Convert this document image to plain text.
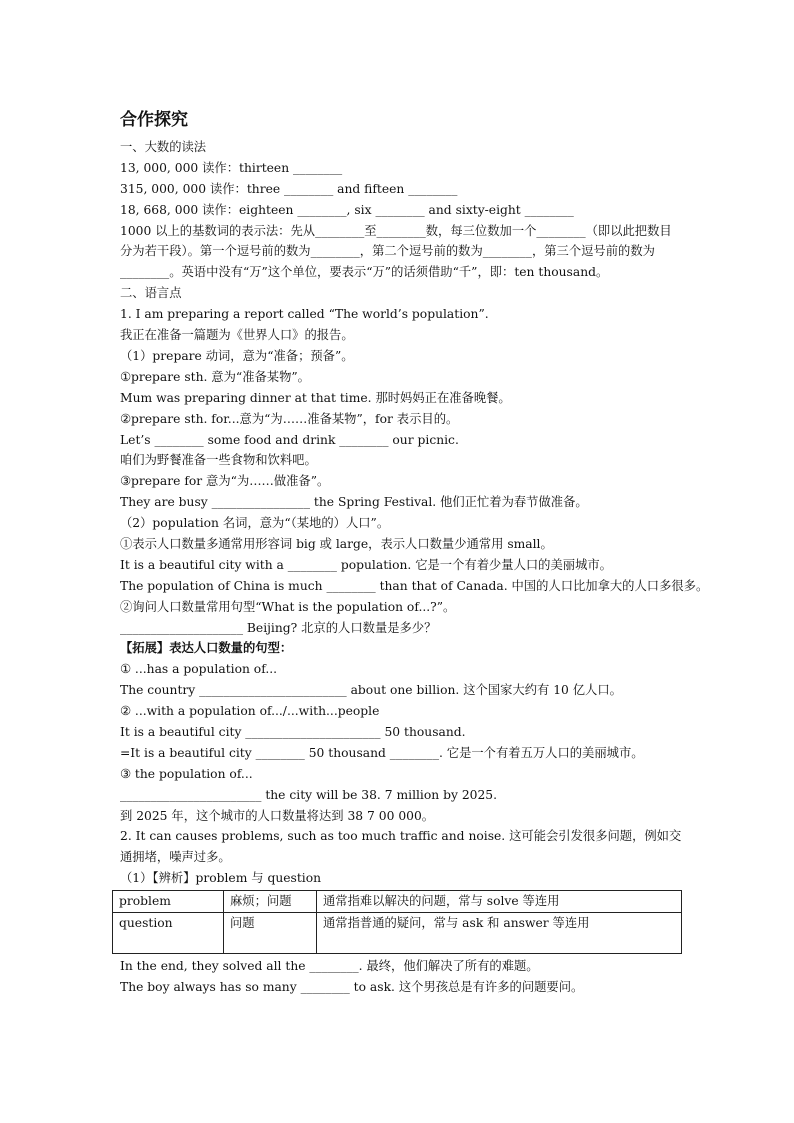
合作探究
一、大数的读法
13, 000, 000 读作：thirteen ________
315, 000, 000 读作：three ________ and fifteen ________
18, 668, 000 读作：eighteen ________, six ________ and sixty-eight ________
1000 以上的基数词的表示法：先从________至________数，每三位数加一个________（即以此把数目分为若干段）。第一个逗号前的数为________，第二个逗号前的数为________，第三个逗号前的数为________。英语中没有“万”这个单位，要表示“万”的话须借助“千”，即：ten thousand。
二、语言点
1. I am preparing a report called “The world’s population”.
我正在准备一篇题为《世界人口》的报告。
（1）prepare 动词，意为“准备；预备”。
①prepare sth. 意为“准备某物”。
Mum was preparing dinner at that time. 那时妈妈正在准备晚餐。
②prepare sth. for...意为“为……准备某物”，for 表示目的。
Let’s ________ some food and drink ________ our picnic.
咱们为野餐准备一些食物和饮料吧。
③prepare for 意为“为……做准备”。
They are busy ________________ the Spring Festival. 他们正忙着为春节做准备。
（2）population 名词，意为“（某地的）人口”。
①表示人口数量多通常用形容词 big 或 large，表示人口数量少通常用 small。
It is a beautiful city with a ________ population. 它是一个有着少量人口的美丽城市。
The population of China is much ________ than that of Canada. 中国的人口比加拿大的人口多很多。
②询问人口数量常用句型“What is the population of...?”。
____________________ Beijing? 北京的人口数量是多少？
【拓展】表达人口数量的句型：
① ...has a population of...
The country ________________________ about one billion. 这个国家大约有 10 亿人口。
② ...with a population of.../...with...people
It is a beautiful city ______________________ 50 thousand.
=It is a beautiful city ________ 50 thousand ________. 它是一个有着五万人口的美丽城市。
③ the population of...
_______________________ the city will be 38. 7 million by 2025.
到 2025 年，这个城市的人口数量将达到 38 7 00 000。
2. It can causes problems, such as too much traffic and noise. 这可能会引发很多问题，例如交通拥堵，噪声过多。
（1）【辨析】problem 与 question
problem	麻烦；问题	通常指难以解决的问题，常与 solve 等连用
question	问题	通常指普通的疑问，常与 ask 和 answer 等连用
In the end, they solved all the ________. 最终，他们解决了所有的难题。
The boy always has so many ________ to ask. 这个男孩总是有许多的问题要问。
